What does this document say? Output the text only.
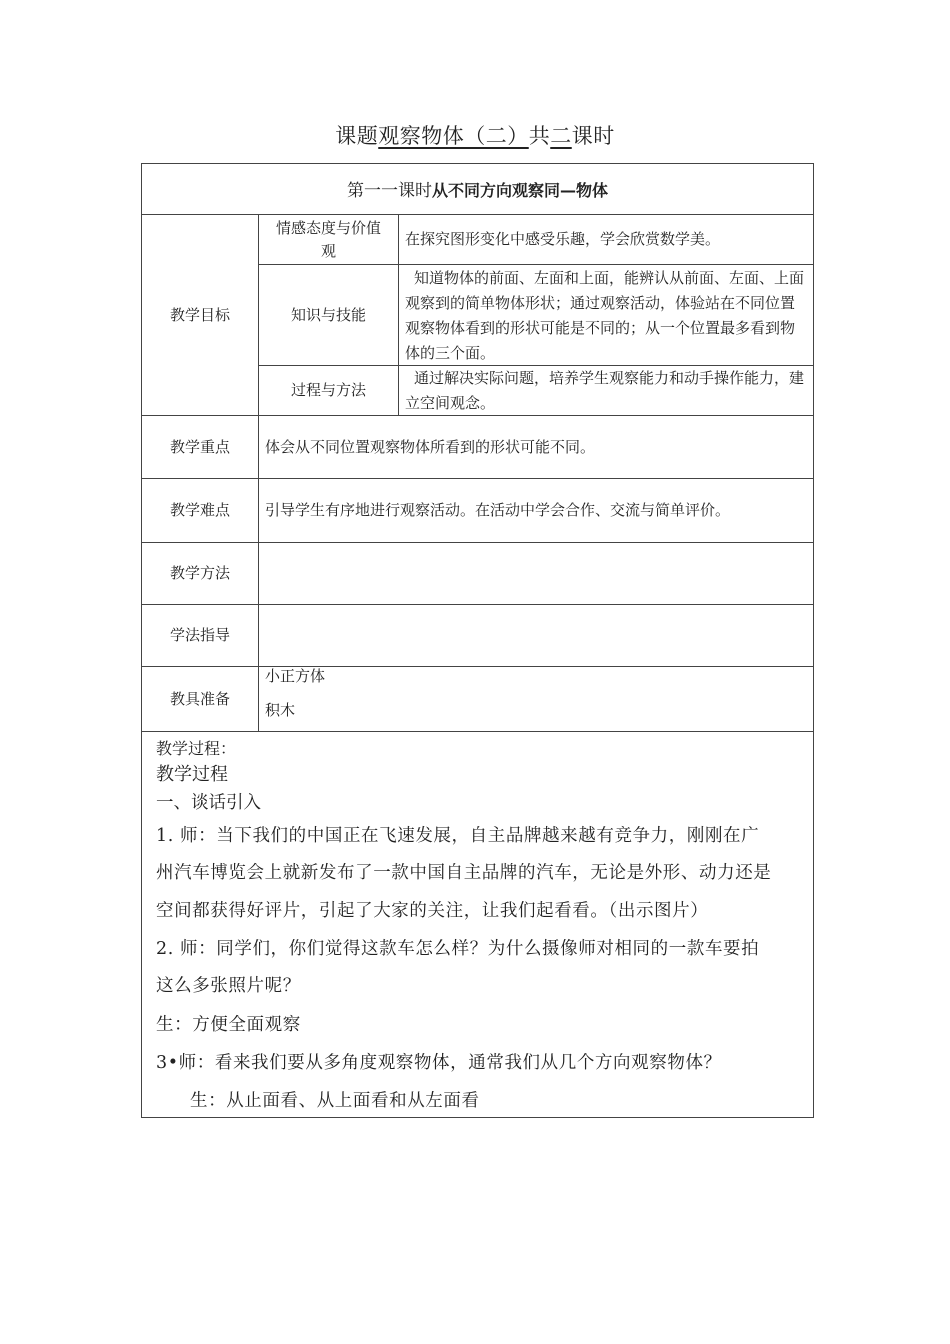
课题观察物体（二）共二课时
第一一课时从不同方向观察同—物体
教学目标
情感态度与价值观
在探究图形变化中感受乐趣，学会欣赏数学美。
知识与技能
知道物体的前面、左面和上面，能辨认从前面、左面、上面观察到的简单物体形状；通过观察活动，体验站在不同位置观察物体看到的形状可能是不同的；从一个位置最多看到物体的三个面。
过程与方法
通过解决实际问题，培养学生观察能力和动手操作能力，建立空间观念。
教学重点	体会从不同位置观察物体所看到的形状可能不同。
教学难点	引导学生有序地进行观察活动。在活动中学会合作、交流与简单评价。
教学方法
学法指导
教具准备
小正方体
积木
教学过程：
教学过程
一、谈话引入
1. 师：当下我们的中国正在飞速发展，自主品牌越来越有竞争力，刚刚在广
州汽车博览会上就新发布了一款中国自主品牌的汽车，无论是外形、动力还是
空间都获得好评片，引起了大家的关注，让我们起看看。（出示图片）
2. 师：同学们，你们觉得这款车怎么样？为什么摄像师对相同的一款车要拍
这么多张照片呢？
生：方便全面观察
3•师：看来我们要从多角度观察物体，通常我们从几个方向观察物体？
生：从止面看、从上面看和从左面看
